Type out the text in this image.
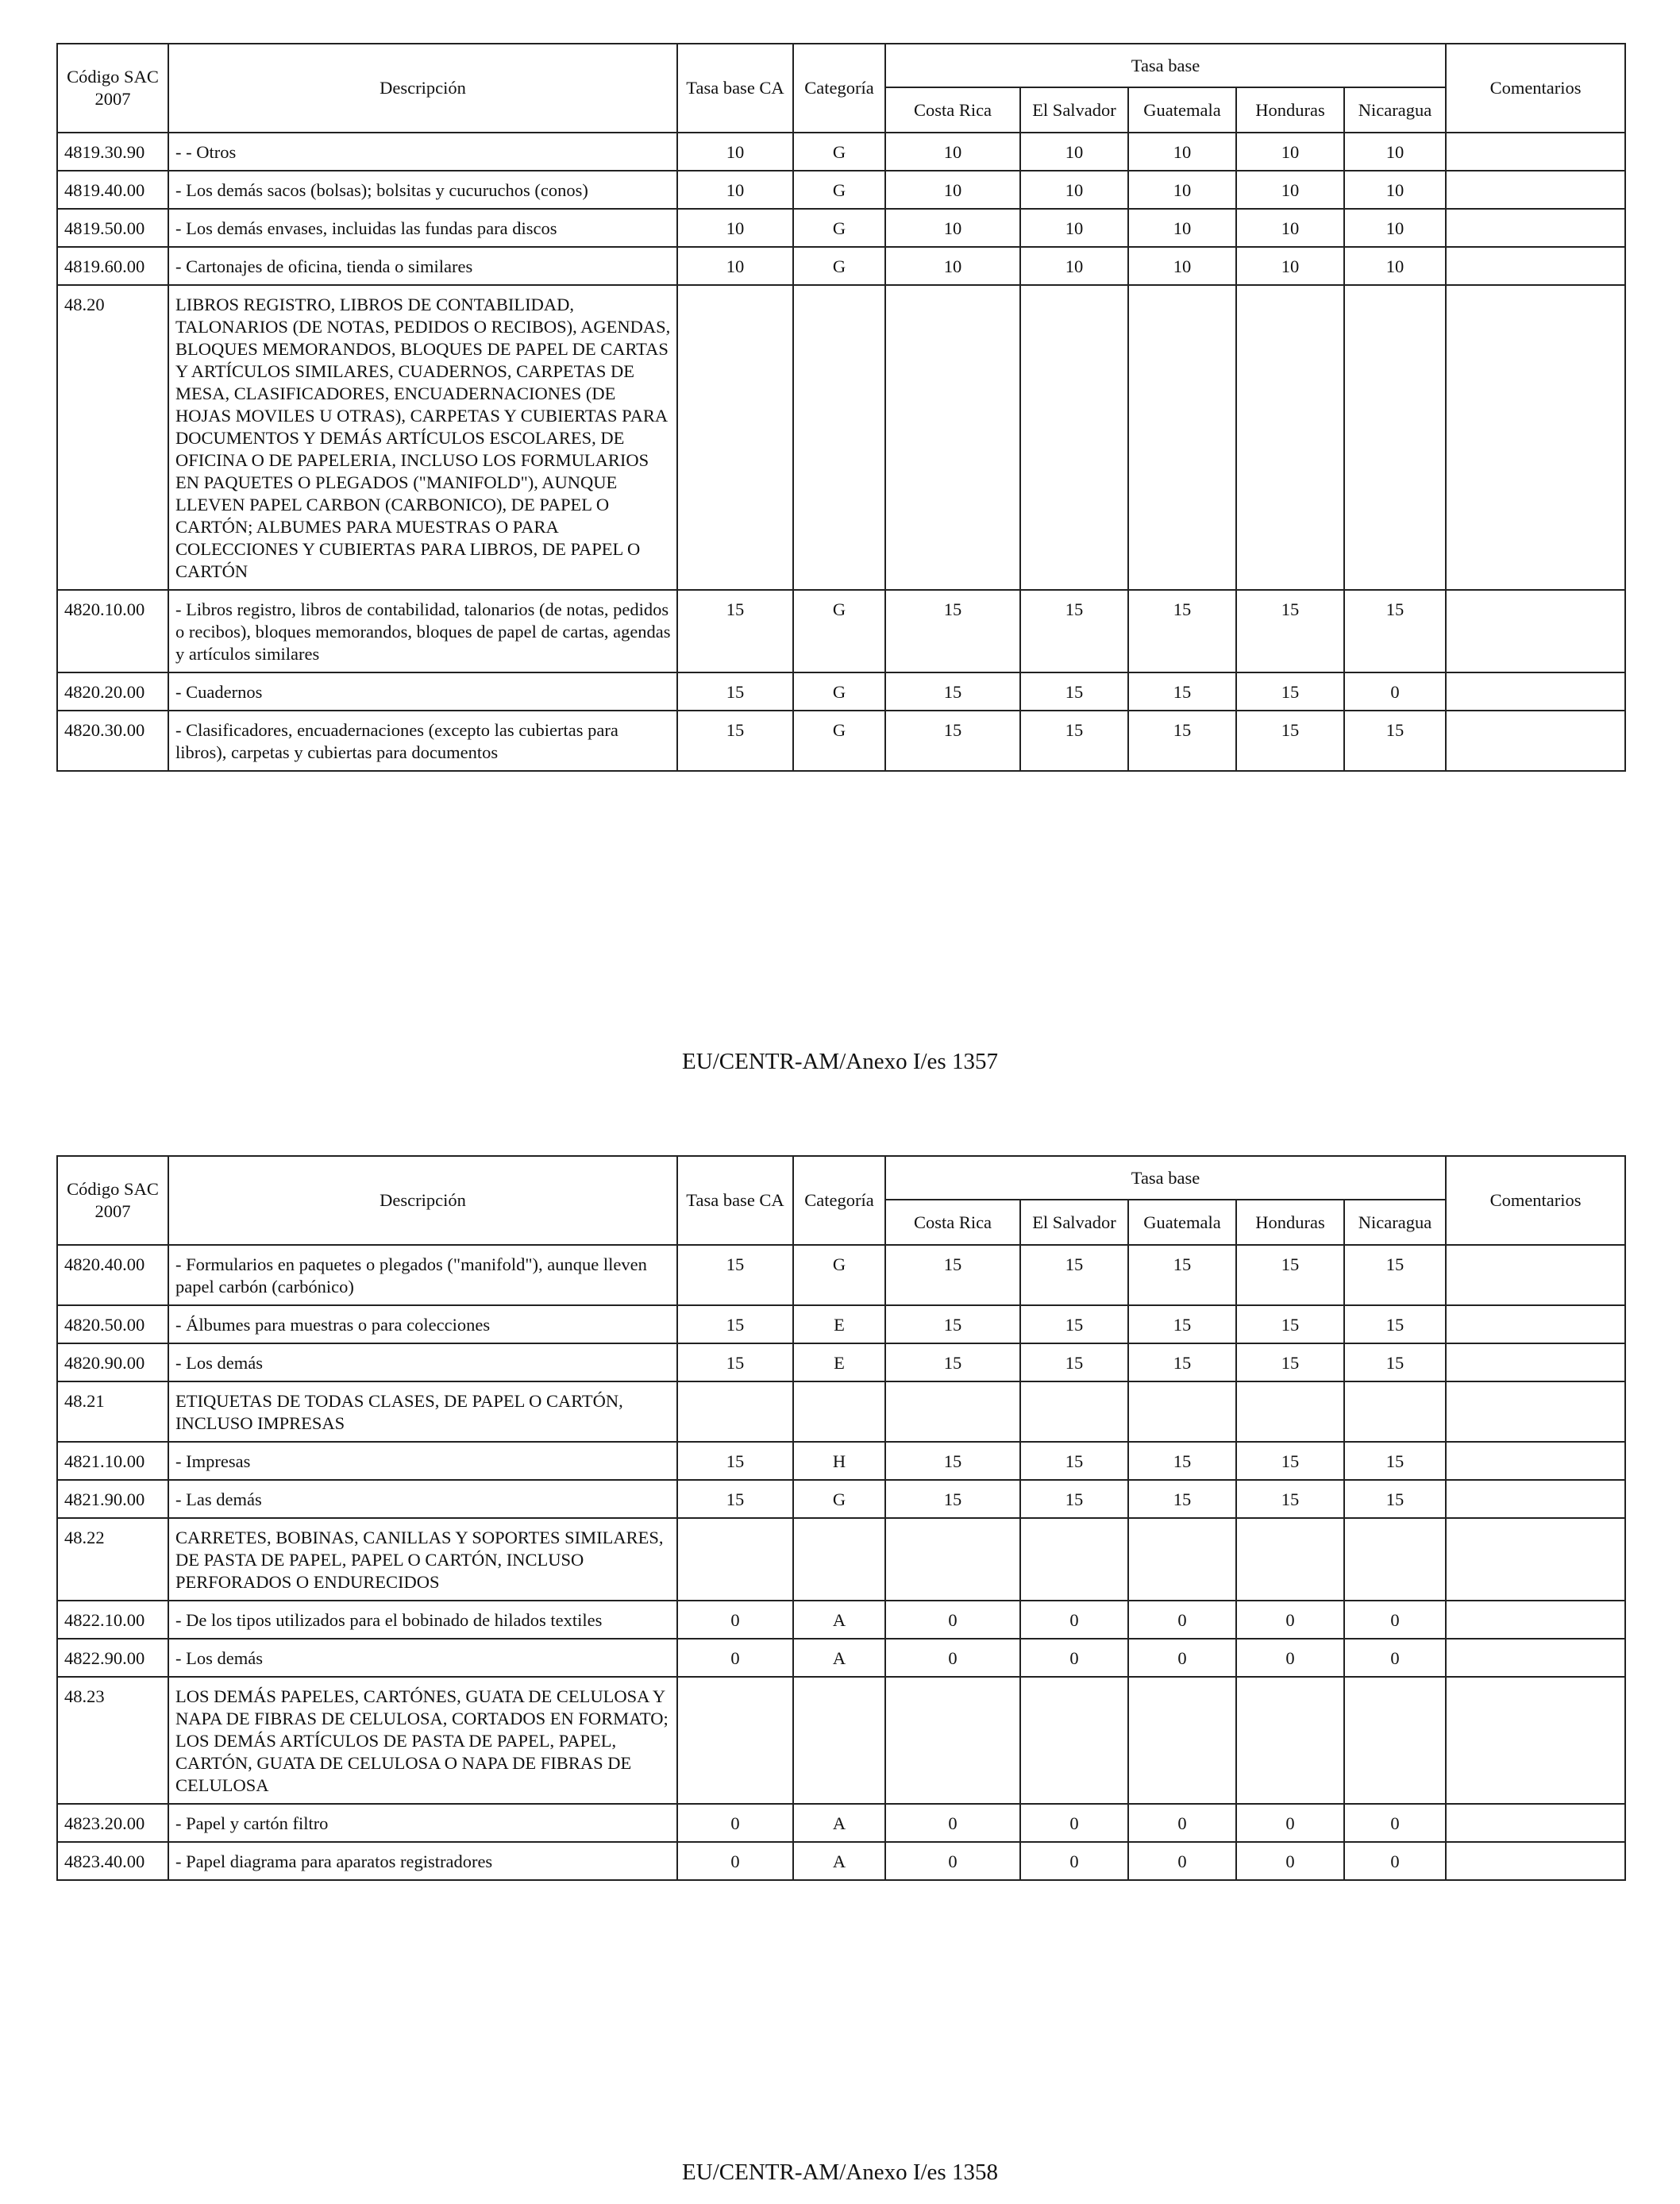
Código SAC 2007	Descripción	Tasa base CA	Categoría	Tasa base					Comentarios
				Costa Rica	El Salvador	Guatemala	Honduras	Nicaragua	
4819.30.90	- - Otros	10	G	10	10	10	10	10	
4819.40.00	- Los demás sacos (bolsas); bolsitas y cucuruchos (conos)	10	G	10	10	10	10	10	
4819.50.00	- Los demás envases, incluidas las fundas para discos	10	G	10	10	10	10	10	
4819.60.00	- Cartonajes de oficina, tienda o similares	10	G	10	10	10	10	10	
48.20	LIBROS REGISTRO, LIBROS DE CONTABILIDAD, TALONARIOS (DE NOTAS, PEDIDOS O RECIBOS), AGENDAS, BLOQUES MEMORANDOS, BLOQUES DE PAPEL DE CARTAS Y ARTÍCULOS SIMILARES, CUADERNOS, CARPETAS DE MESA, CLASIFICADORES, ENCUADERNACIONES (DE HOJAS MOVILES U OTRAS), CARPETAS Y CUBIERTAS PARA DOCUMENTOS Y DEMÁS ARTÍCULOS ESCOLARES, DE OFICINA O DE PAPELERIA, INCLUSO LOS FORMULARIOS EN PAQUETES O PLEGADOS ("MANIFOLD"), AUNQUE LLEVEN PAPEL CARBON (CARBONICO), DE PAPEL O CARTÓN; ALBUMES PARA MUESTRAS O PARA COLECCIONES Y CUBIERTAS PARA LIBROS, DE PAPEL O CARTÓN								
4820.10.00	- Libros registro, libros de contabilidad, talonarios (de notas, pedidos o recibos), bloques memorandos, bloques de papel de cartas, agendas y artículos similares	15	G	15	15	15	15	15	
4820.20.00	- Cuadernos	15	G	15	15	15	15	0	
4820.30.00	- Clasificadores, encuadernaciones (excepto las cubiertas para libros), carpetas y cubiertas para documentos	15	G	15	15	15	15	15	
EU/CENTR-AM/Anexo I/es 1357
Código SAC 2007	Descripción	Tasa base CA	Categoría	Tasa base					Comentarios
				Costa Rica	El Salvador	Guatemala	Honduras	Nicaragua	
4820.40.00	- Formularios en paquetes o plegados ("manifold"), aunque lleven papel carbón (carbónico)	15	G	15	15	15	15	15	
4820.50.00	- Álbumes para muestras o para colecciones	15	E	15	15	15	15	15	
4820.90.00	- Los demás	15	E	15	15	15	15	15	
48.21	ETIQUETAS DE TODAS CLASES, DE PAPEL O CARTÓN, INCLUSO IMPRESAS								
4821.10.00	- Impresas	15	H	15	15	15	15	15	
4821.90.00	- Las demás	15	G	15	15	15	15	15	
48.22	CARRETES, BOBINAS, CANILLAS Y SOPORTES SIMILARES, DE PASTA DE PAPEL, PAPEL O CARTÓN, INCLUSO PERFORADOS O ENDURECIDOS								
4822.10.00	- De los tipos utilizados para el bobinado de hilados textiles	0	A	0	0	0	0	0	
4822.90.00	- Los demás	0	A	0	0	0	0	0	
48.23	LOS DEMÁS PAPELES, CARTÓNES, GUATA DE CELULOSA Y NAPA DE FIBRAS DE CELULOSA, CORTADOS EN FORMATO; LOS DEMÁS ARTÍCULOS DE PASTA DE PAPEL, PAPEL, CARTÓN, GUATA DE CELULOSA O NAPA DE FIBRAS DE CELULOSA								
4823.20.00	- Papel y cartón filtro	0	A	0	0	0	0	0	
4823.40.00	- Papel diagrama para aparatos registradores	0	A	0	0	0	0	0	
EU/CENTR-AM/Anexo I/es 1358
